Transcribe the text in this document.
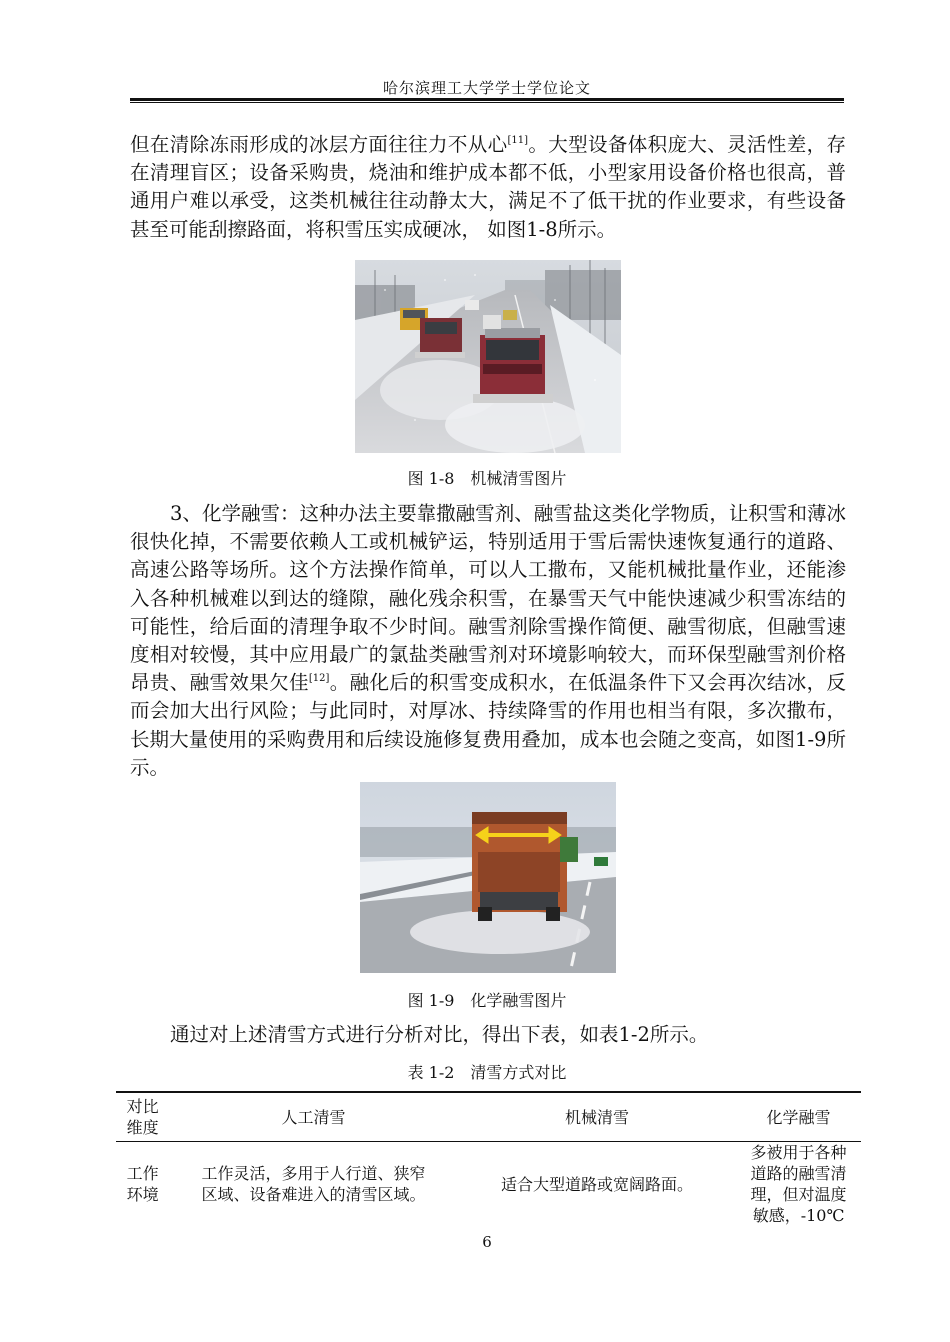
哈尔滨理工大学学士学位论文

但在清除冻雨形成的冰层方面往往力不从心[11]。大型设备体积庞大、灵活性差，存在清理盲区；设备采购贵，烧油和维护成本都不低，小型家用设备价格也很高，普通用户难以承受，这类机械往往动静太大，满足不了低干扰的作业要求，有些设备甚至可能刮擦路面，将积雪压实成硬冰， 如图1-8所示。

图 1-8　机械清雪图片

3、化学融雪：这种办法主要靠撒融雪剂、融雪盐这类化学物质，让积雪和薄冰很快化掉，不需要依赖人工或机械铲运，特别适用于雪后需快速恢复通行的道路、高速公路等场所。这个方法操作简单，可以人工撒布，又能机械批量作业，还能渗入各种机械难以到达的缝隙，融化残余积雪，在暴雪天气中能快速减少积雪冻结的可能性，给后面的清理争取不少时间。融雪剂除雪操作简便、融雪彻底，但融雪速度相对较慢，其中应用最广的氯盐类融雪剂对环境影响较大，而环保型融雪剂价格昂贵、融雪效果欠佳[12]。融化后的积雪变成积水，在低温条件下又会再次结冰，反而会加大出行风险；与此同时，对厚冰、持续降雪的作用也相当有限，多次撒布，长期大量使用的采购费用和后续设施修复费用叠加，成本也会随之变高，如图1-9所示。

图 1-9　化学融雪图片

通过对上述清雪方式进行分析对比，得出下表，如表1-2所示。

表 1-2　清雪方式对比
对比维度	人工清雪	机械清雪	化学融雪
工作环境	工作灵活，多用于人行道、狭窄区域、设备难进入的清雪区域。	适合大型道路或宽阔路面。	多被用于各种道路的融雪清理，但对温度敏感，-10℃
6
